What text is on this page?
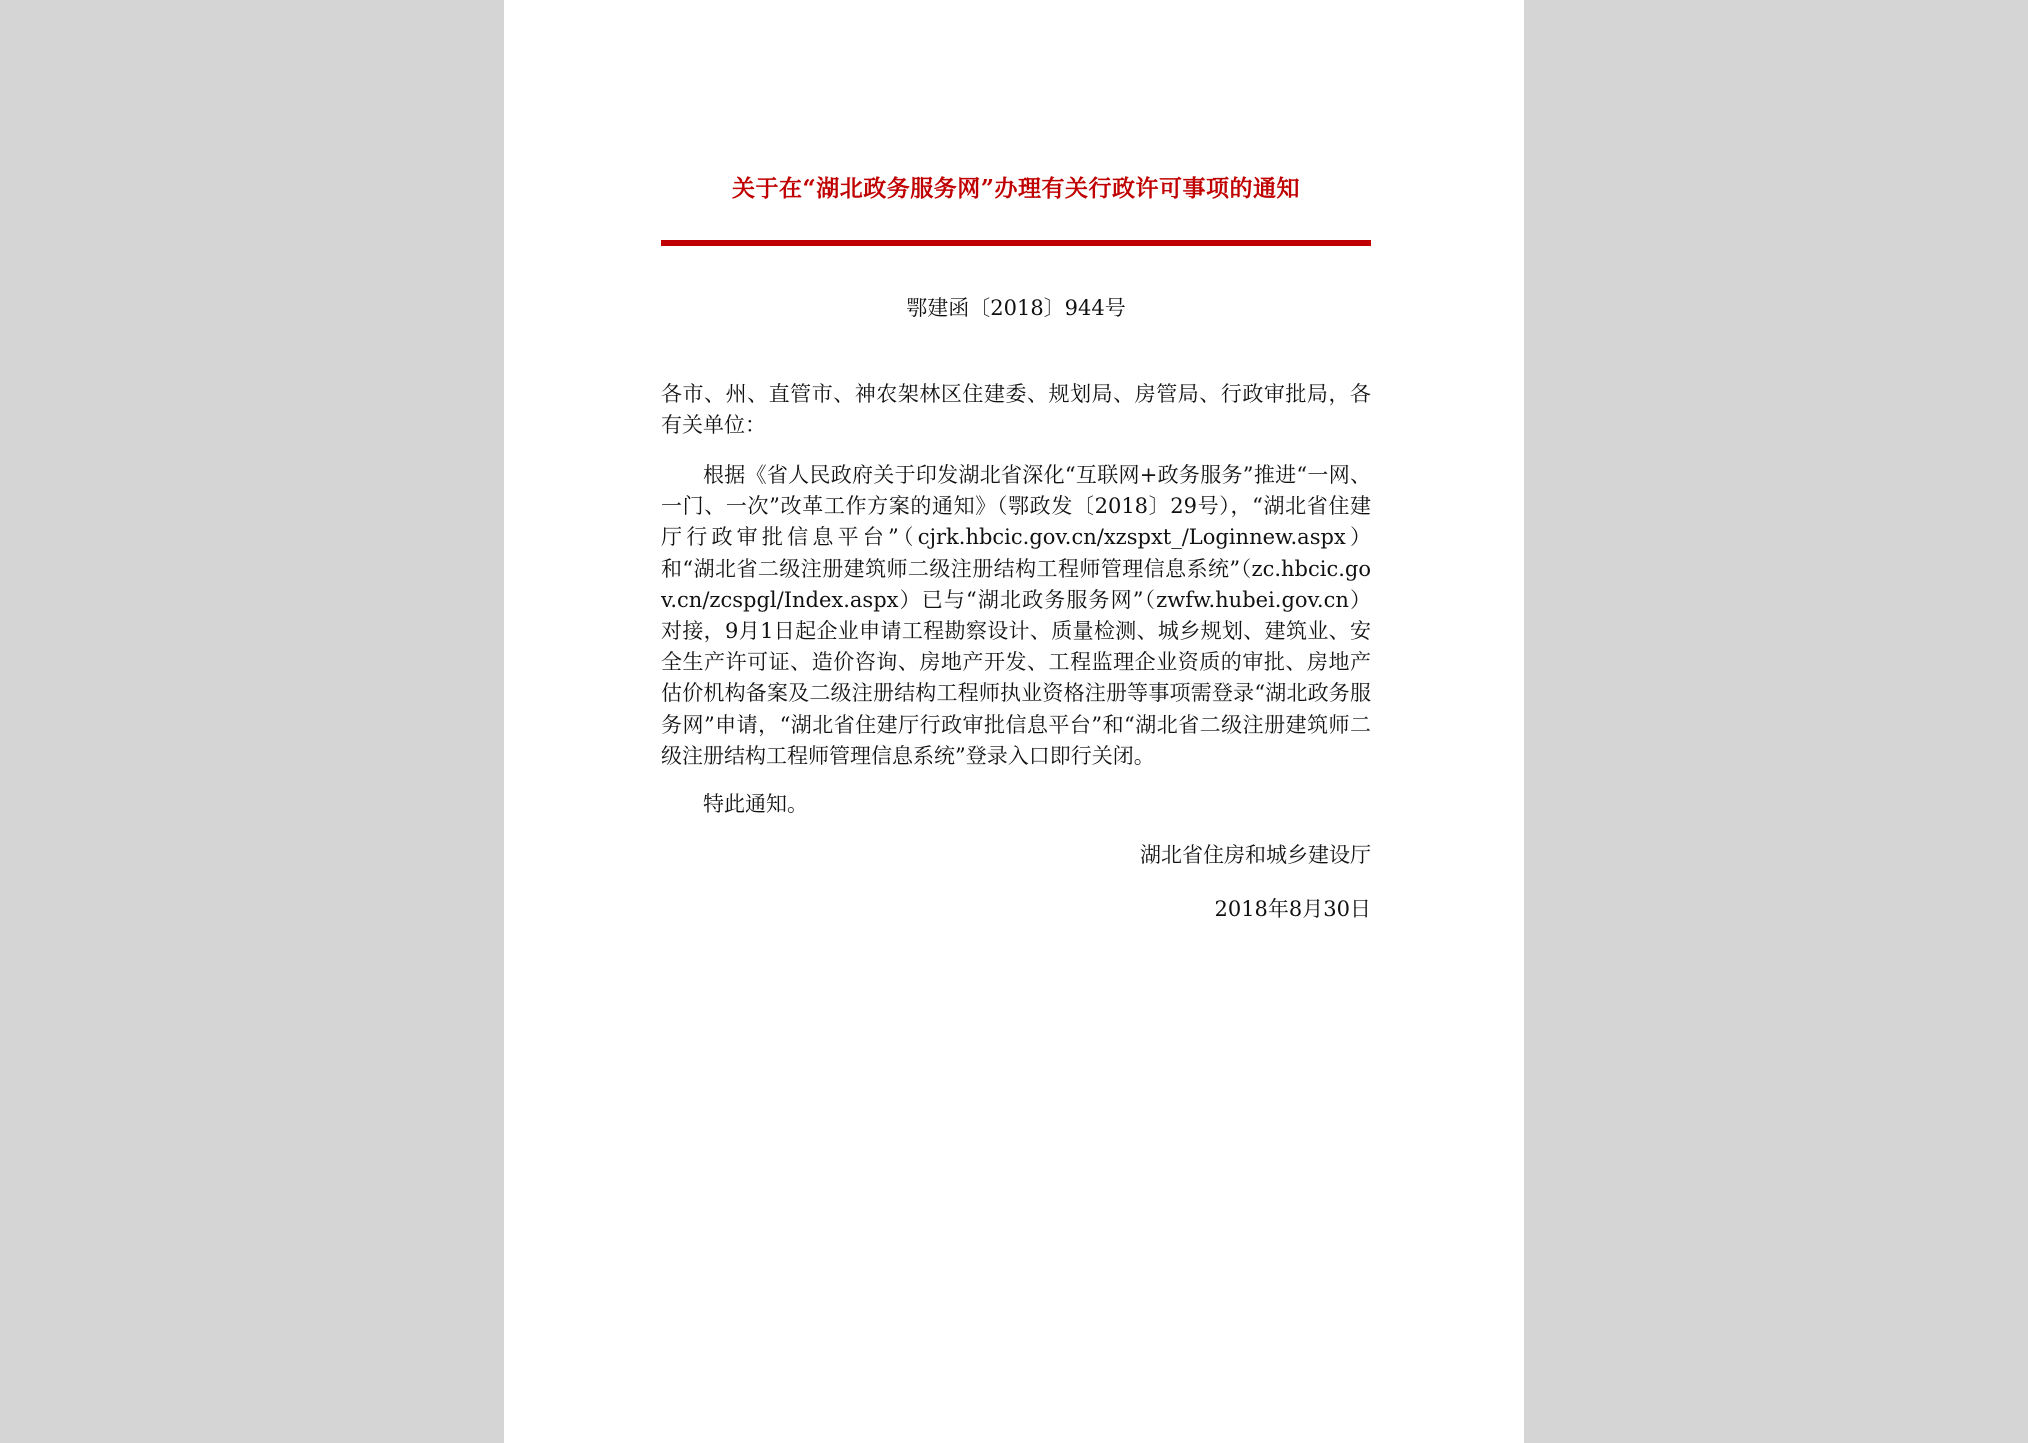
关于在“湖北政务服务网”办理有关行政许可事项的通知
鄂建函〔2018〕944号
各市、州、直管市、神农架林区住建委、规划局、房管局、行政审批局，各有关单位：
根据《省人民政府关于印发湖北省深化“互联网+政务服务”推进“一网、一门、一次”改革工作方案的通知》（鄂政发〔2018〕29号），“湖北省住建厅行政审批信息平台”（cjrk.hbcic.gov.cn/xzspxt_/Loginnew.aspx）和“湖北省二级注册建筑师二级注册结构工程师管理信息系统”（zc.hbcic.gov.cn/zcspgl/Index.aspx）已与“湖北政务服务网”（zwfw.hubei.gov.cn）对接，9月1日起企业申请工程勘察设计、质量检测、城乡规划、建筑业、安全生产许可证、造价咨询、房地产开发、工程监理企业资质的审批、房地产估价机构备案及二级注册结构工程师执业资格注册等事项需登录“湖北政务服务网”申请，“湖北省住建厅行政审批信息平台”和“湖北省二级注册建筑师二级注册结构工程师管理信息系统”登录入口即行关闭。
特此通知。
湖北省住房和城乡建设厅
2018年8月30日
